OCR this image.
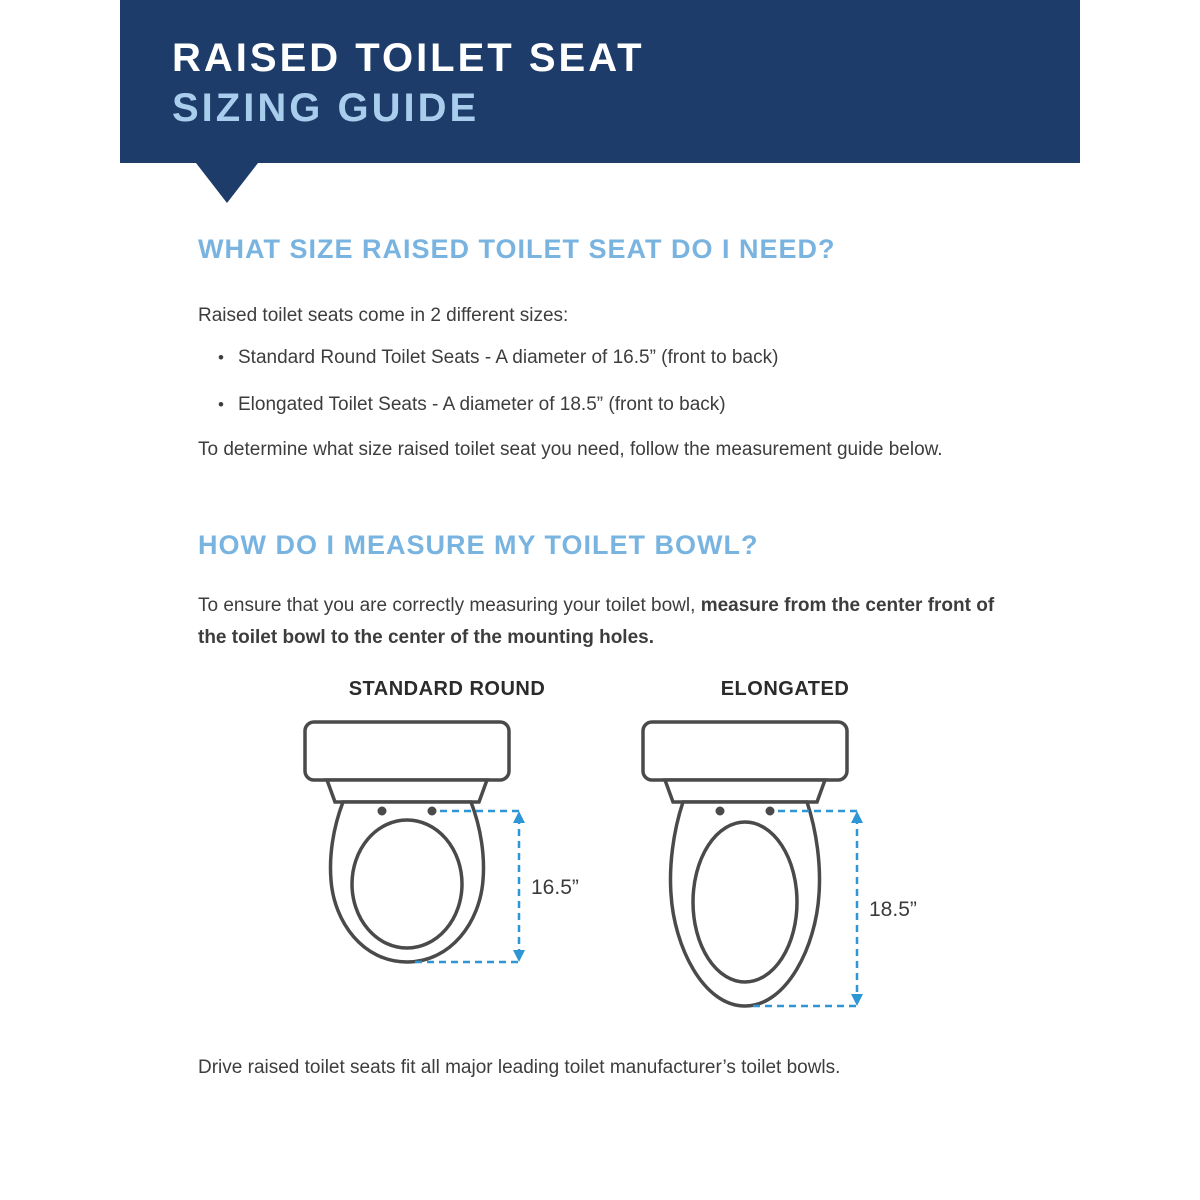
RAISED TOILET SEAT
SIZING GUIDE
WHAT SIZE RAISED TOILET SEAT DO I NEED?

Raised toilet seats come in 2 different sizes:

• Standard Round Toilet Seats - A diameter of 16.5” (front to back)
• Elongated Toilet Seats - A diameter of 18.5” (front to back)

To determine what size raised toilet seat you need, follow the measurement guide below.

HOW DO I MEASURE MY TOILET BOWL?

To ensure that you are correctly measuring your toilet bowl, measure from the center front of the toilet bowl to the center of the mounting holes.

STANDARD ROUND	ELONGATED

16.5”
18.5”

Drive raised toilet seats fit all major leading toilet manufacturer’s toilet bowls.
